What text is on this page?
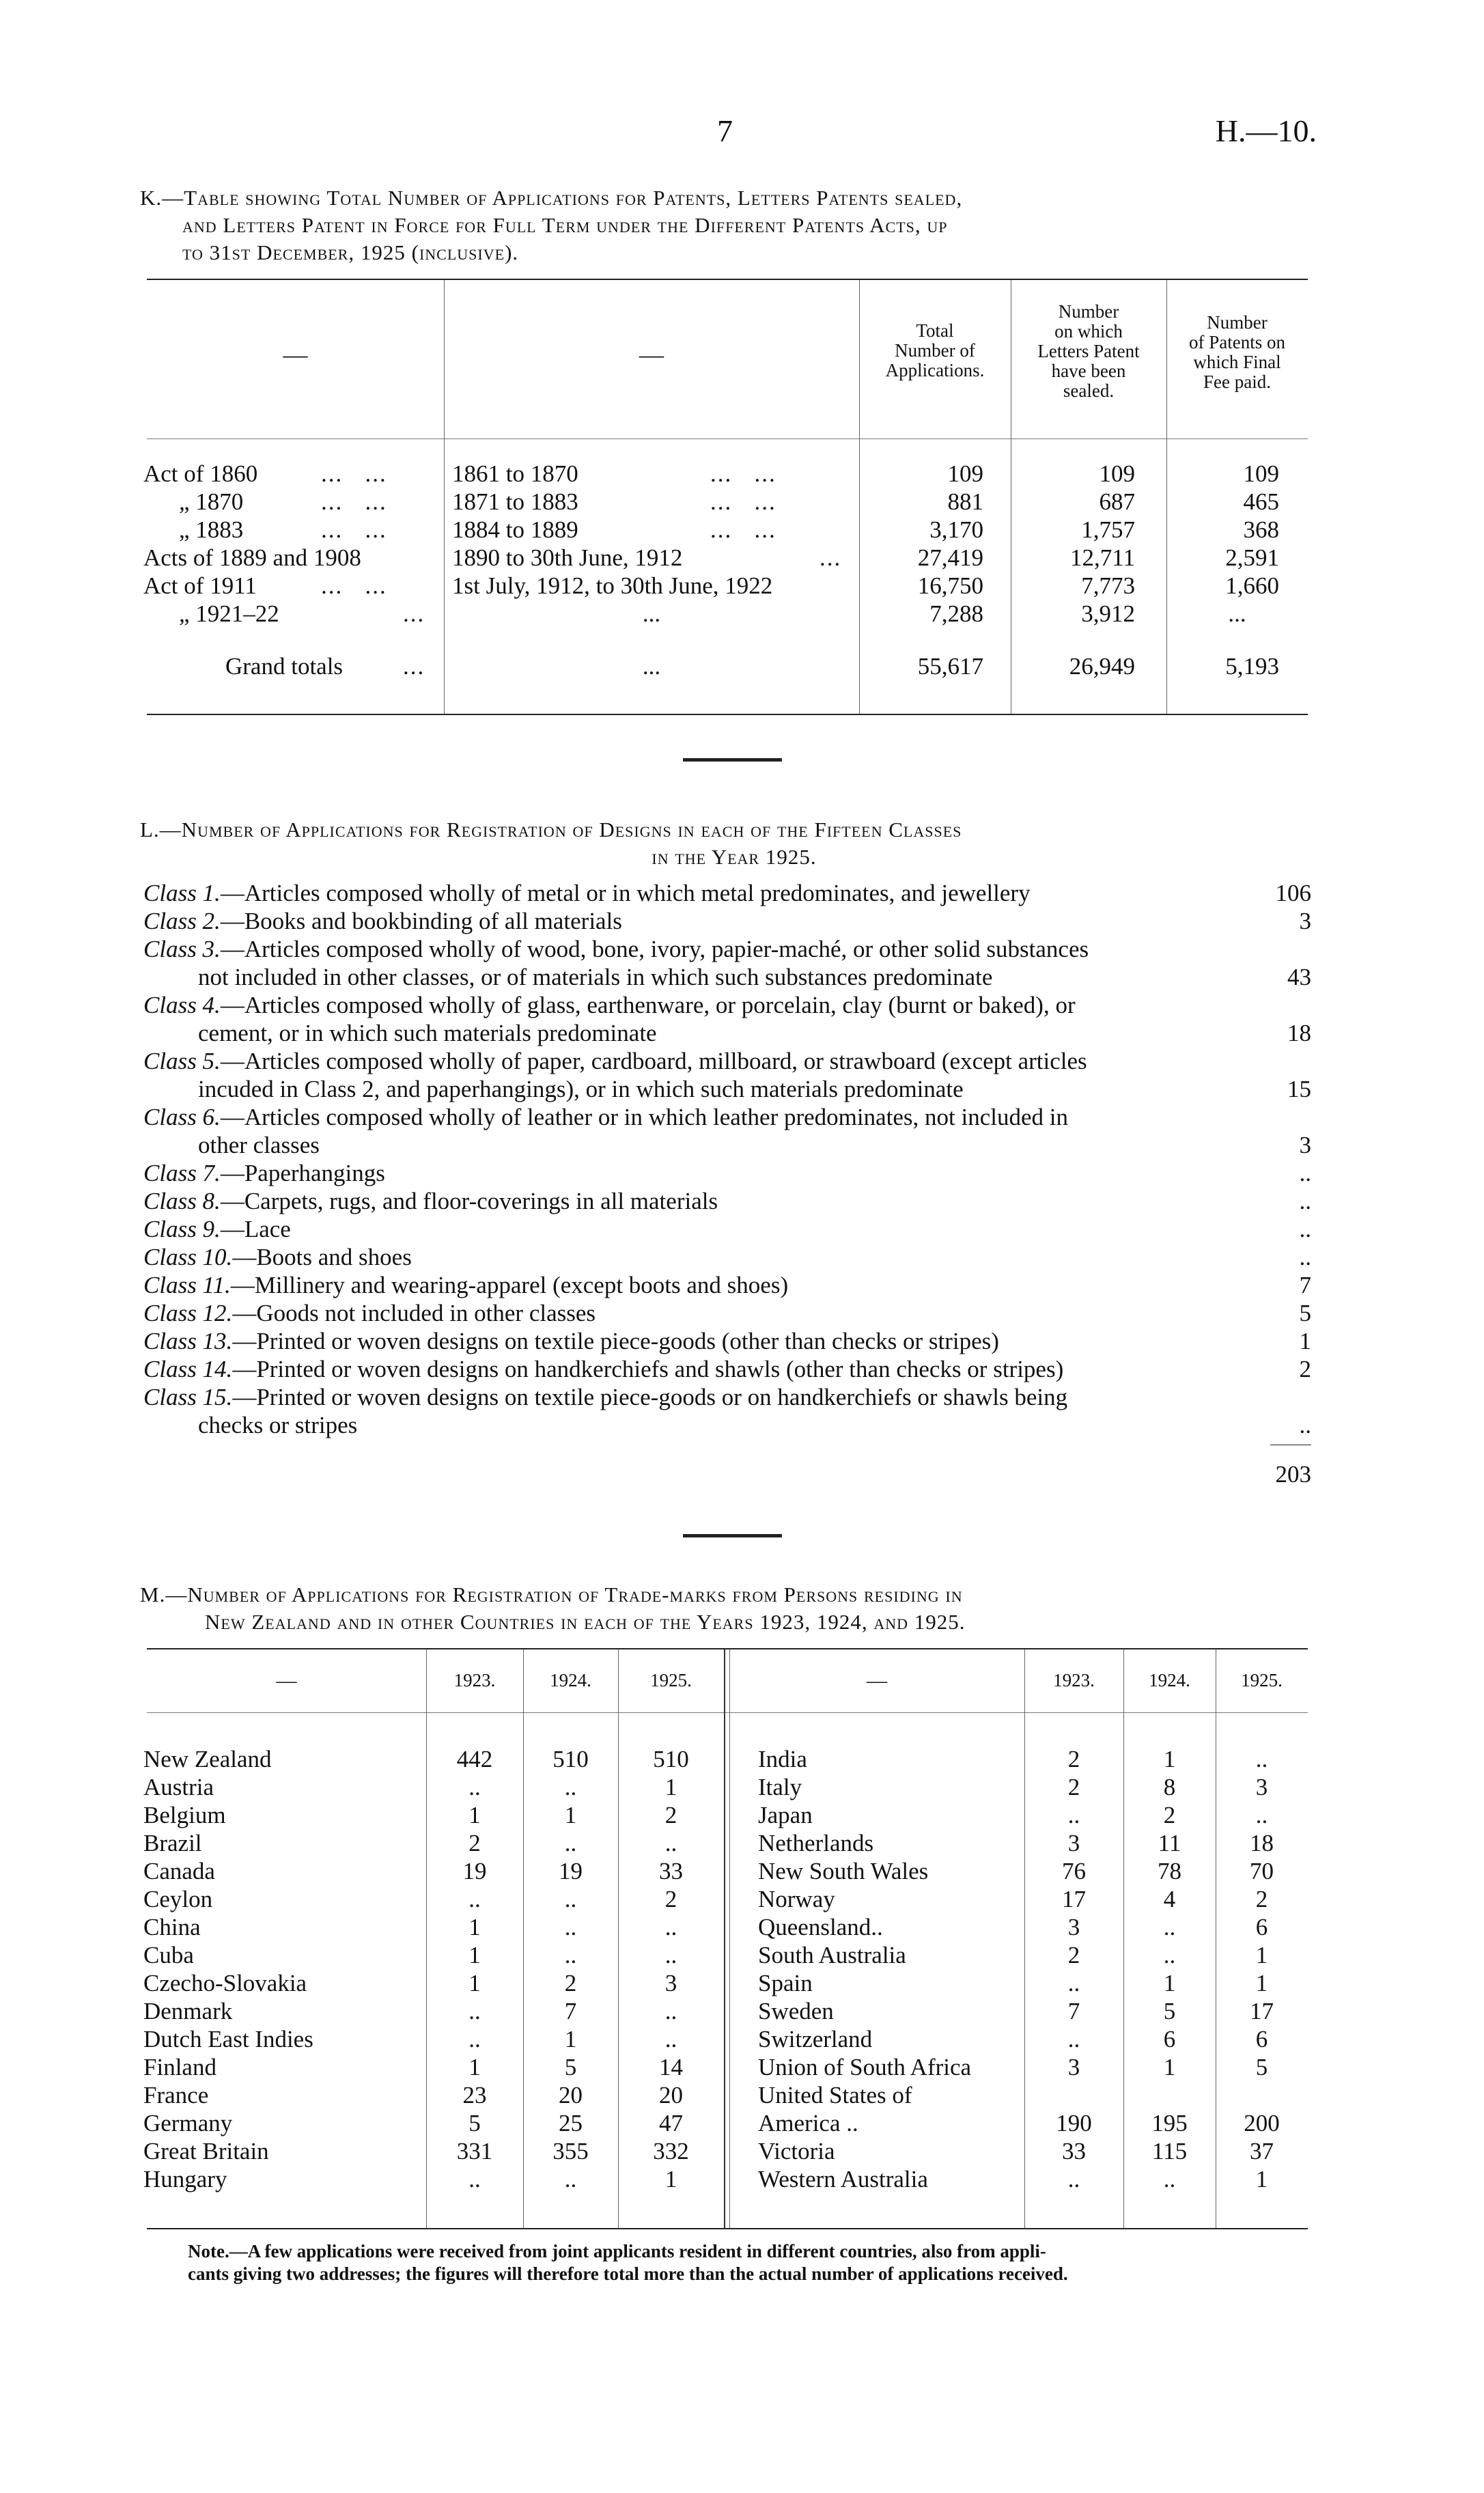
7	H.—10.
K.—Table showing Total Number of Applications for Patents, Letters Patents sealed,
and Letters Patent in Force for Full Term under the Different Patents Acts, up
to 31st December, 1925 (inclusive).
—	—
Total
Number of
Applications.
Number
on which
Letters Patent
have been
sealed.
Number
of Patents on
which Final
Fee paid.
Act of 1860	...   ...	1861 to 1870	...   ...	109	109	109
„ 1870	...   ...	1871 to 1883	...   ...	881	687	465
„ 1883	...   ...	1884 to 1889	...   ...	3,170	1,757	368
Acts of 1889 and 1908	1890 to 30th June, 1912	...	27,419	12,711	2,591
Act of 1911	...   ...	1st July, 1912, to 30th June, 1922	16,750	7,773	1,660
„ 1921–22	...	...	7,288	3,912	...
Grand totals	...	...	55,617	26,949	5,193
L.—Number of Applications for Registration of Designs in each of the Fifteen Classes
in the Year 1925.
Class 1.—Articles composed wholly of metal or in which metal predominates, and jewellery	106
Class 2.—Books and bookbinding of all materials	3
Class 3.—Articles composed wholly of wood, bone, ivory, papier-maché, or other solid substances
not included in other classes, or of materials in which such substances predominate	43
Class 4.—Articles composed wholly of glass, earthenware, or porcelain, clay (burnt or baked), or
cement, or in which such materials predominate	18
Class 5.—Articles composed wholly of paper, cardboard, millboard, or strawboard (except articles
incuded in Class 2, and paperhangings), or in which such materials predominate	15
Class 6.—Articles composed wholly of leather or in which leather predominates, not included in
other classes	3
Class 7.—Paperhangings	..
Class 8.—Carpets, rugs, and floor-coverings in all materials	..
Class 9.—Lace	..
Class 10.—Boots and shoes	..
Class 11.—Millinery and wearing-apparel (except boots and shoes)	7
Class 12.—Goods not included in other classes	5
Class 13.—Printed or woven designs on textile piece-goods (other than checks or stripes)	1
Class 14.—Printed or woven designs on handkerchiefs and shawls (other than checks or stripes)	2
Class 15.—Printed or woven designs on textile piece-goods or on handkerchiefs or shawls being
checks or stripes	..
203
M.—Number of Applications for Registration of Trade-marks from Persons residing in
New Zealand and in other Countries in each of the Years 1923, 1924, and 1925.
—	1923.	1924.	1925.	—	1923.	1924.	1925.
New Zealand	442	510	510
Austria	..	..	1
Belgium	1	1	2
Brazil	2	..	..
Canada	19	19	33
Ceylon	..	..	2
China	1	..	..
Cuba	1	..	..
Czecho-Slovakia	1	2	3
Denmark	..	7	..
Dutch East Indies	..	1	..
Finland	1	5	14
France	23	20	20
Germany	5	25	47
Great Britain	331	355	332
Hungary	..	..	1
India	2	1	..
Italy	2	8	3
Japan	..	2	..
Netherlands	3	11	18
New South Wales	76	78	70
Norway	17	4	2
Queensland..	3	..	6
South Australia	2	..	1
Spain	..	1	1
Sweden	7	5	17
Switzerland	..	6	6
Union of South Africa	3	1	5
United States of
America ..	190	195	200
Victoria	33	115	37
Western Australia	..	..	1
Note.—A few applications were received from joint applicants resident in different countries, also from appli-
cants giving two addresses; the figures will therefore total more than the actual number of applications received.
